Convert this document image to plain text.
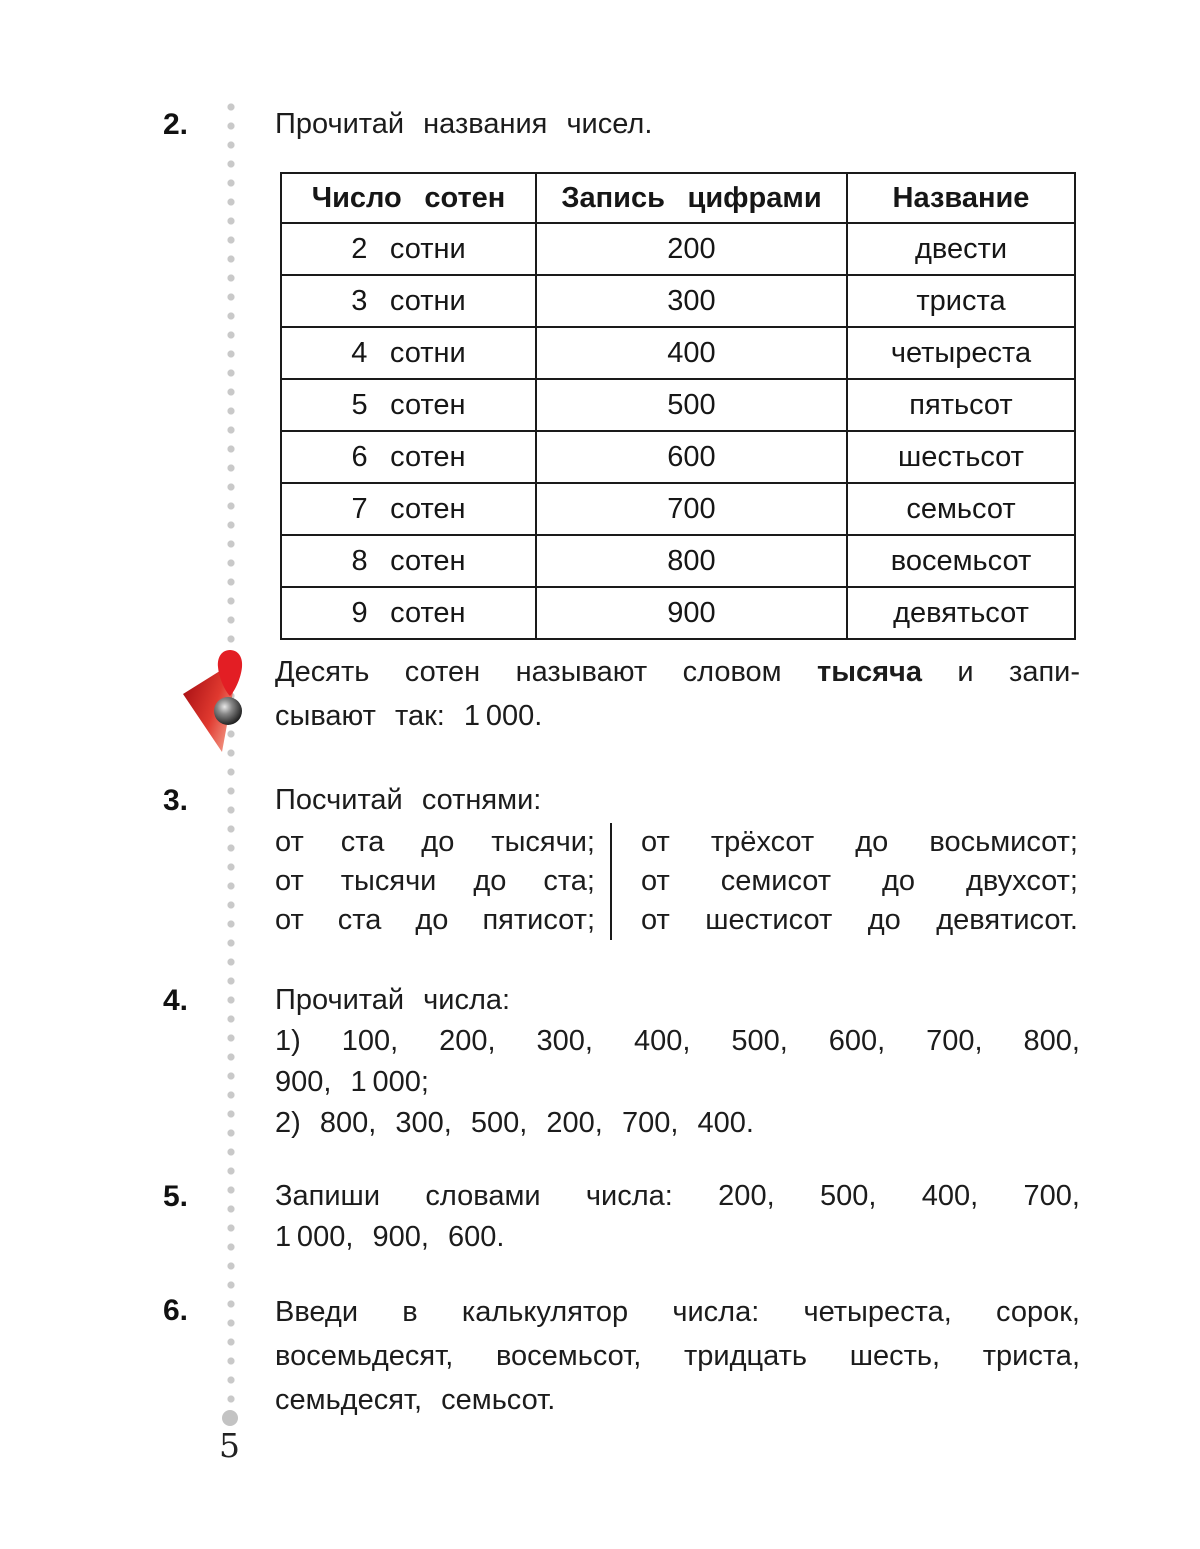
5
2.	Прочитай названия чисел.
Число сотен	Запись цифрами	Название
2 сотни	200	двести
3 сотни	300	триста
4 сотни	400	четыреста
5 сотен	500	пятьсот
6 сотен	600	шестьсот
7 сотен	700	семьсот
8 сотен	800	восемьсот
9 сотен	900	девятьсот
Десять сотен называют словом тысяча и запи-
сывают так: 1 000.
3.	Посчитай сотнями:
от ста до тысячи;
от тысячи до ста;
от ста до пятисот;
от трёхсот до восьмисот;
от семисот до двухсот;
от шестисот до девятисот.
4.	Прочитай числа:
1) 100, 200, 300, 400, 500, 600, 700, 800,
900, 1 000;
2) 800, 300, 500, 200, 700, 400.
5.	Запиши словами числа: 200, 500, 400, 700,
1 000, 900, 600.
6.	Введи в калькулятор числа: четыреста, сорок,
восемьдесят, восемьсот, тридцать шесть, триста,
семьдесят, семьсот.
